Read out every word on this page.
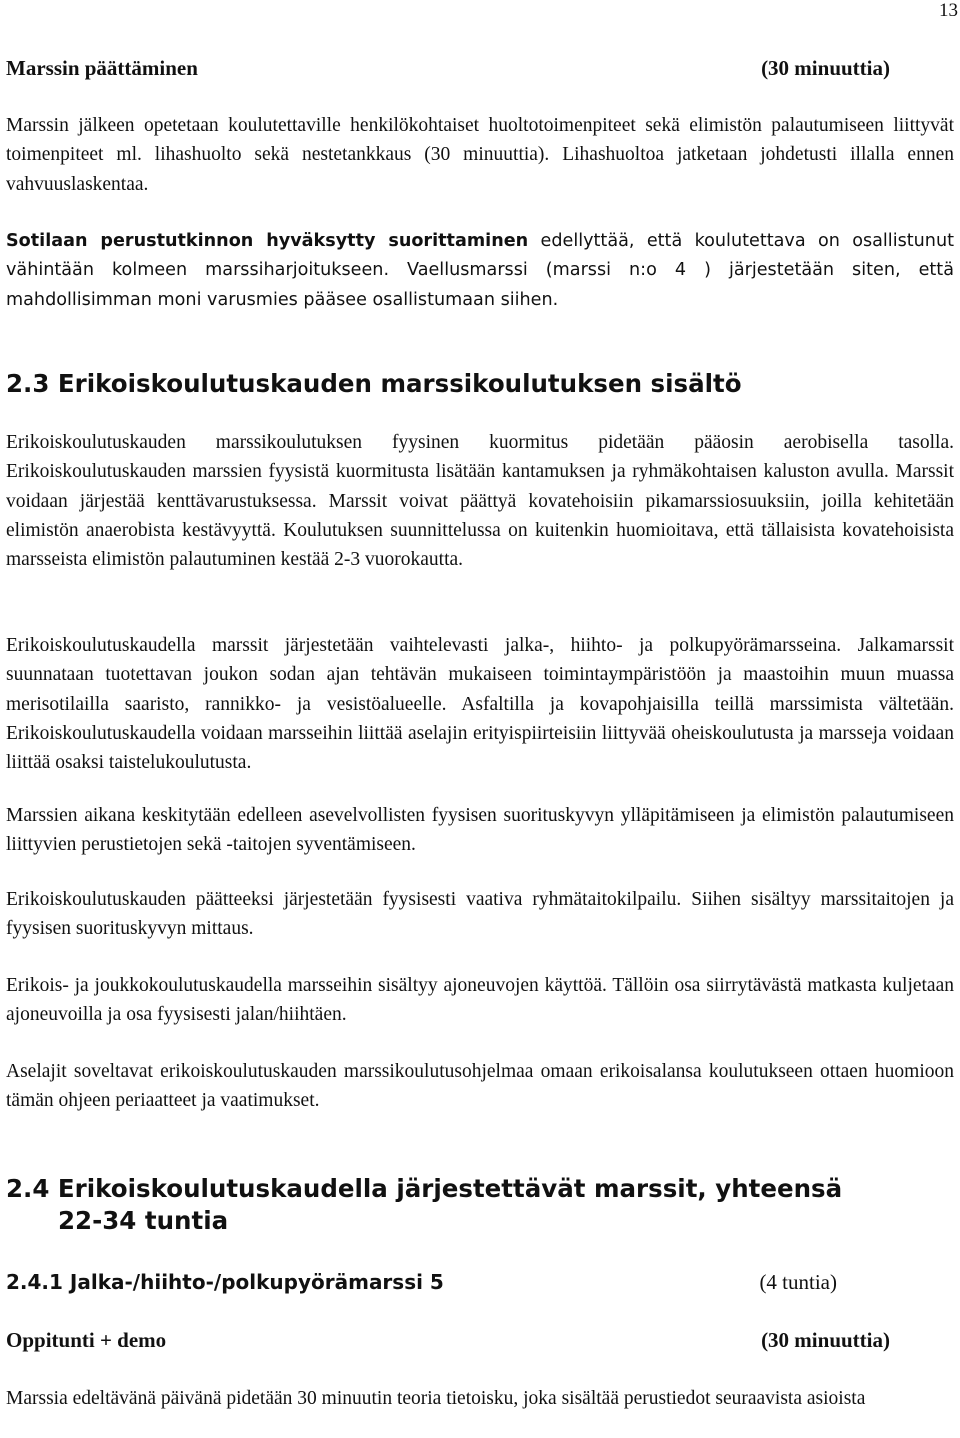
13
Marssin päättäminen	(30 minuuttia)

Marssin jälkeen opetetaan koulutettaville henkilökohtaiset huoltotoimenpiteet sekä elimistön palautumiseen liittyvät toimenpiteet ml. lihashuolto sekä nestetankkaus (30 minuuttia). Lihashuoltoa jatketaan johdetusti illalla ennen vahvuuslaskentaa.

Sotilaan perustutkinnon hyväksytty suorittaminen edellyttää, että koulutettava on osallistunut vähintään kolmeen marssiharjoitukseen. Vaellusmarssi (marssi n:o 4 ) järjestetään siten, että mahdollisimman moni varusmies pääsee osallistumaan siihen.

2.3 Erikoiskoulutuskauden marssikoulutuksen sisältö

Erikoiskoulutuskauden marssikoulutuksen fyysinen kuormitus pidetään pääosin aerobisella tasolla. Erikoiskoulutuskauden marssien fyysistä kuormitusta lisätään kantamuksen ja ryhmäkohtaisen kaluston avulla. Marssit voidaan järjestää kenttävarustuksessa. Marssit voivat päättyä kovatehoisiin pikamarssiosuuksiin, joilla kehitetään elimistön anaerobista kestävyyttä. Koulutuksen suunnittelussa on kuitenkin huomioitava, että tällaisista kovatehoisista marsseista elimistön palautuminen kestää 2-3 vuorokautta.

Erikoiskoulutuskaudella marssit järjestetään vaihtelevasti jalka-, hiihto- ja polkupyörämarsseina. Jalkamarssit suunnataan tuotettavan joukon sodan ajan tehtävän mukaiseen toimintaympäristöön ja maastoihin muun muassa merisotilailla saaristo, rannikko- ja vesistöalueelle. Asfaltilla ja kovapohjaisilla teillä marssimista vältetään. Erikoiskoulutuskaudella voidaan marsseihin liittää aselajin erityispiirteisiin liittyvää oheiskoulutusta ja marsseja voidaan liittää osaksi taistelukoulutusta.

Marssien aikana keskitytään edelleen asevelvollisten fyysisen suorituskyvyn ylläpitämiseen ja elimistön palautumiseen liittyvien perustietojen sekä -taitojen syventämiseen.

Erikoiskoulutuskauden päätteeksi järjestetään fyysisesti vaativa ryhmätaitokilpailu. Siihen sisältyy marssitaitojen ja fyysisen suorituskyvyn mittaus.

Erikois- ja joukkokoulutuskaudella marsseihin sisältyy ajoneuvojen käyttöä. Tällöin osa siirrytävästä matkasta kuljetaan ajoneuvoilla ja osa fyysisesti jalan/hiihtäen.

Aselajit soveltavat erikoiskoulutuskauden marssikoulutusohjelmaa omaan erikoisalansa koulutukseen ottaen huomioon tämän ohjeen periaatteet ja vaatimukset.

2.4 Erikoiskoulutuskaudella järjestettävät marssit, yhteensä
22-34 tuntia
2.4.1 Jalka-/hiihto-/polkupyörämarssi 5	(4 tuntia)
Oppitunti + demo	(30 minuuttia)

Marssia edeltävänä päivänä pidetään 30 minuutin teoria tietoisku, joka sisältää perustiedot seuraavista asioista
